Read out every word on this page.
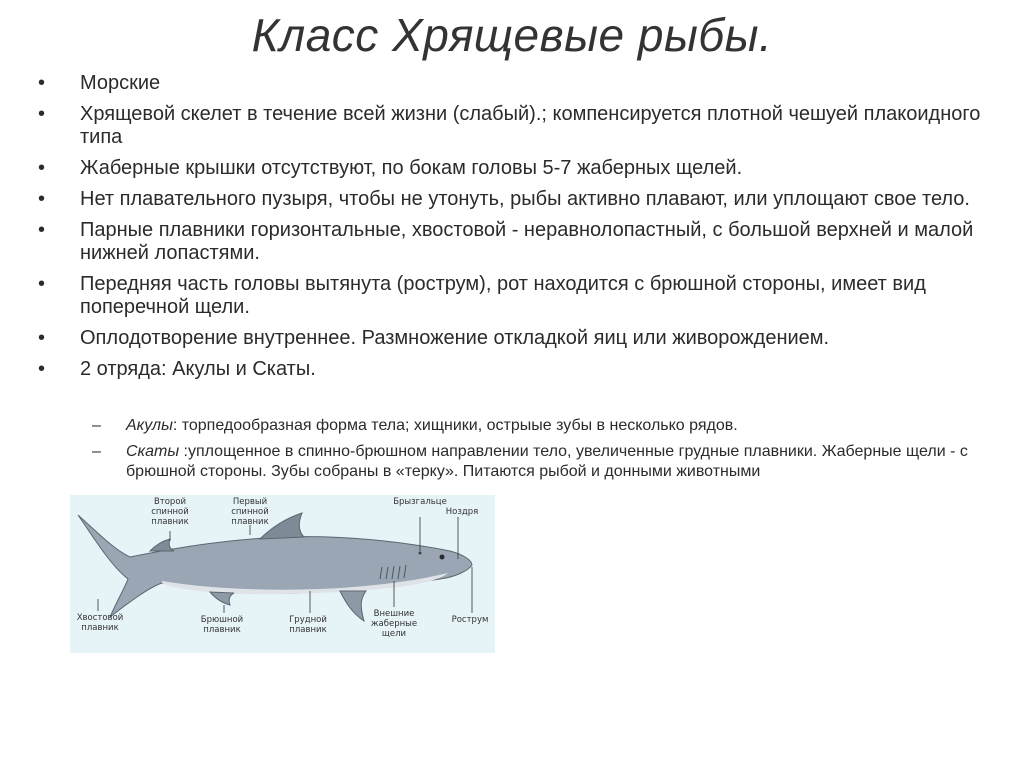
Класс Хрящевые рыбы.
•	Морские
•	Хрящевой скелет в течение всей жизни (слабый).; компенсируется плотной чешуей плакоидного типа
•	Жаберные крышки отсутствуют, по бокам головы 5-7 жаберных щелей.
•	Нет плавательного пузыря, чтобы не утонуть, рыбы активно плавают, или уплощают свое тело.
•	Парные плавники горизонтальные, хвостовой - неравнолопастный, с большой верхней и малой нижней лопастями.
•	Передняя часть головы вытянута (рострум), рот находится с брюшной стороны, имеет вид поперечной щели.
•	Оплодотворение внутреннее. Размножение откладкой яиц или живорождением.
•	2 отряда: Акулы и Скаты.
– Акулы: торпедообразная форма тела; хищники, острыые зубы в несколько рядов.
– Скаты :уплощенное в спинно-брюшном направлении тело, увеличенные грудные плавники. Жаберные щели - с брюшной стороны. Зубы собраны в «терку». Питаются рыбой и донными животными
Второй
спинной
плавник
Первый
спинной
плавник
Брызгальце
Ноздря
Хвостовой
плавник
Брюшной
плавник
Грудной
плавник
Внешние
жаберные
щели
Рострум
